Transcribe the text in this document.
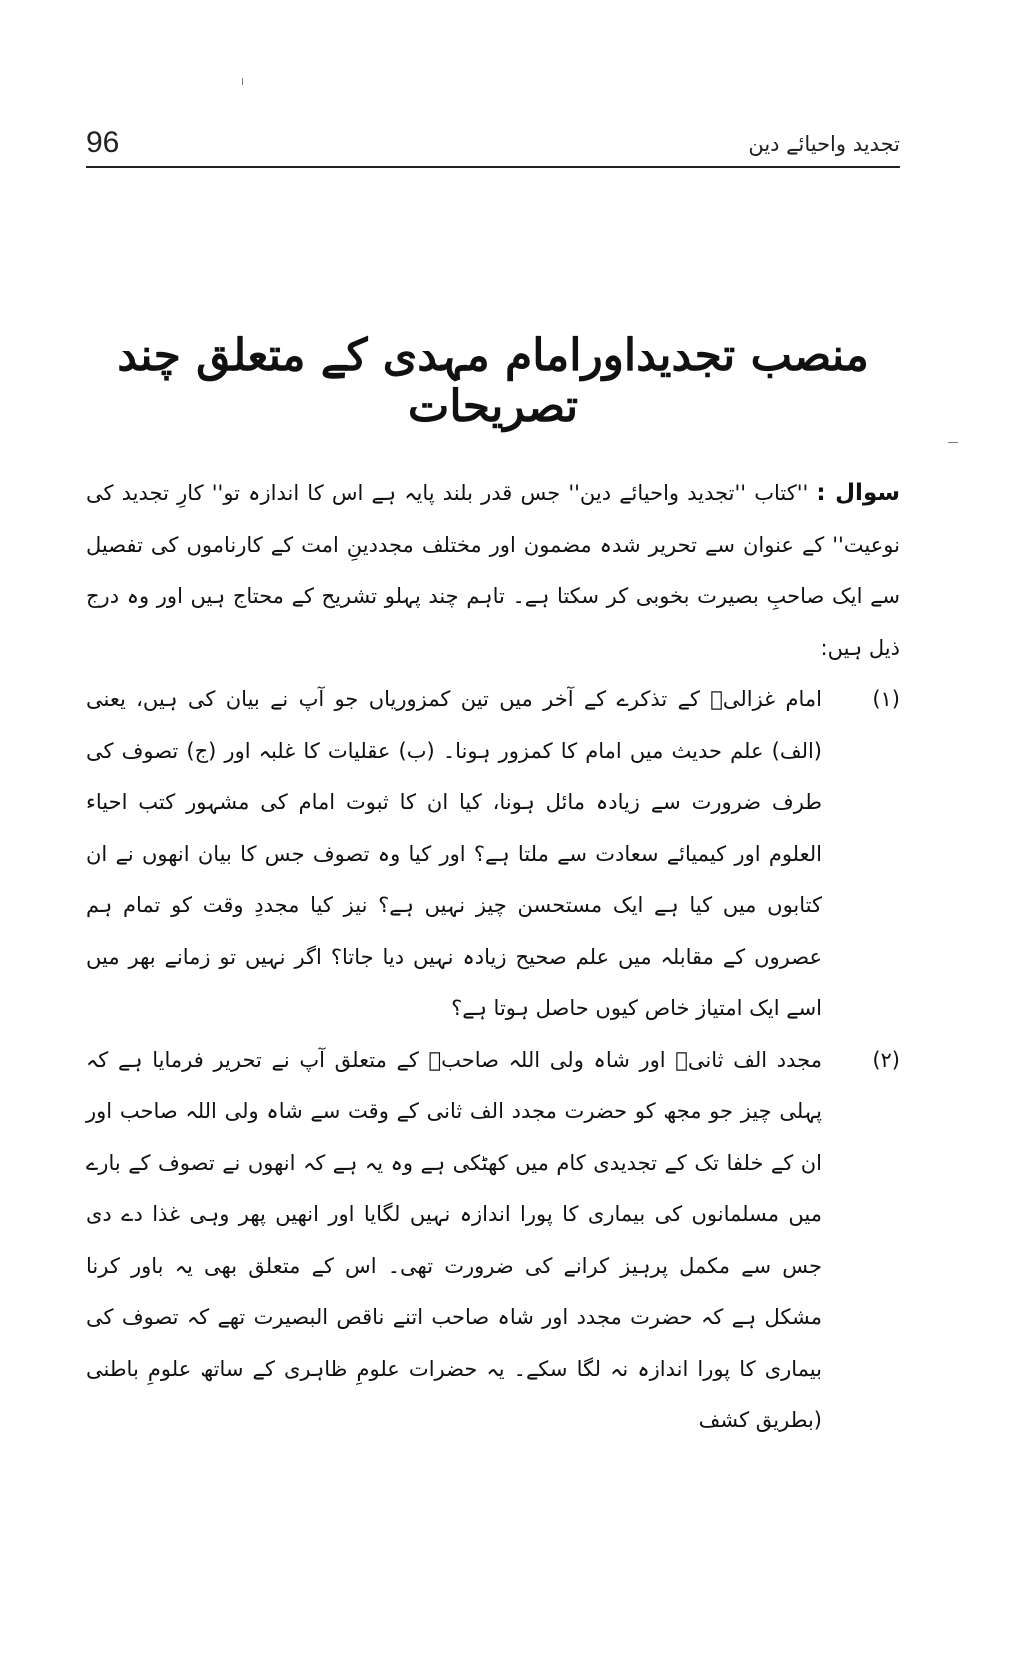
96	تجدید واحیائے دین
منصب تجدیداورامام مہدی کے متعلق چند تصریحات

سوال : ''کتاب ''تجدید واحیائے دین'' جس قدر بلند پایہ ہے اس کا اندازہ تو'' کارِ تجدید کی نوعیت'' کے عنوان سے تحریر شدہ مضمون اور مختلف مجددینِ امت کے کارناموں کی تفصیل سے ایک صاحبِ بصیرت بخوبی کر سکتا ہے۔ تاہم چند پہلو تشریح کے محتاج ہیں اور وہ درج ذیل ہیں:

(۱)

امام غزالیؒ کے تذکرے کے آخر میں تین کمزوریاں جو آپ نے بیان کی ہیں، یعنی (الف) علم حدیث میں امام کا کمزور ہونا۔ (ب) عقلیات کا غلبہ اور (ج) تصوف کی طرف ضرورت سے زیادہ مائل ہونا، کیا ان کا ثبوت امام کی مشہور کتب احیاء العلوم اور کیمیائے سعادت سے ملتا ہے؟ اور کیا وہ تصوف جس کا بیان انھوں نے ان کتابوں میں کیا ہے ایک مستحسن چیز نہیں ہے؟ نیز کیا مجددِ وقت کو تمام ہم عصروں کے مقابلہ میں علم صحیح زیادہ نہیں دیا جاتا؟ اگر نہیں تو زمانے بھر میں اسے ایک امتیاز خاص کیوں حاصل ہوتا ہے؟

(۲)

مجدد الف ثانیؒ اور شاہ ولی اللہ صاحبؒ کے متعلق آپ نے تحریر فرمایا ہے کہ پہلی چیز جو مجھ کو حضرت مجدد الف ثانی کے وقت سے شاہ ولی اللہ صاحب اور ان کے خلفا تک کے تجدیدی کام میں کھٹکی ہے وہ یہ ہے کہ انھوں نے تصوف کے بارے میں مسلمانوں کی بیماری کا پورا اندازہ نہیں لگایا اور انھیں پھر وہی غذا دے دی جس سے مکمل پرہیز کرانے کی ضرورت تھی۔ اس کے متعلق بھی یہ باور کرنا مشکل ہے کہ حضرت مجدد اور شاہ صاحب اتنے ناقص البصیرت تھے کہ تصوف کی بیماری کا پورا اندازہ نہ لگا سکے۔ یہ حضرات علومِ ظاہری کے ساتھ علومِ باطنی (بطریق کشف
